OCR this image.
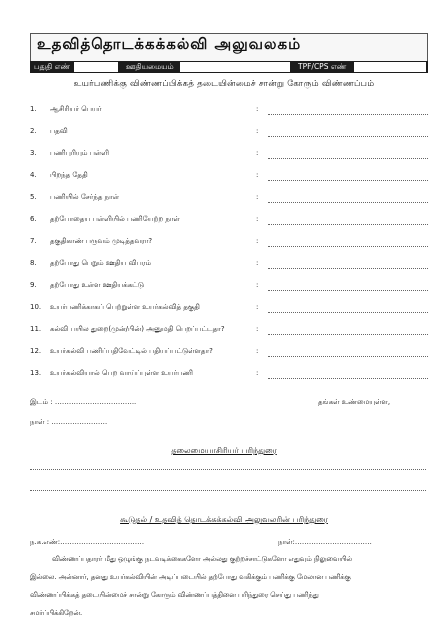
உதவித்தொடக்கக்கல்வி அலுவலகம்
பதுதி எண்	ஊதியமையம்	TPF/CPS எண்
உயர்பணிக்கு விண்ணப்பிக்கத் தடையின்மைச் சான்று கோரும் விண்ணப்பம்
1. ஆசிரியர் பெயர்	:
2. பதவி	:
3. பணிபுரியும் பள்ளி	:
4. பிறந்த தேதி	:
5. பணியில் சேர்ந்த நாள்	:
6. தற்போதைய பள்ளியில் பணியேற்ற நாள்	:
7. தகுதிகாண் பருவம் முடித்தவரா?	:
8. தற்போது பெறும் ஊதிய விபரம்	:
9. தற்போது உள்ள ஊதியக்கட்டு	:
10. உயர்பணிக்காகப் பெற்றுள்ள உயர்கல்வித் தகுதி	:
11. கல்வி பயில துறை(முன்/பின்) அனுமதி பெறப்பட்டதா?	:
12. உயர்கல்வி பணிப்பதிவேட்டில் பதியப்பட்டுள்ளதா?	:
13. உயர்கல்வியால் பெற வாய்ப்புள்ள உயர்பணி	:
இடம் : ……………………………..
நாள் : ……………………
தங்கள் உண்மையுள்ள,
தலைமையாசிரியர் பரிந்துரை
கூடுதல் / உதவித் தொடக்கக்கல்வி அலுவலரின் பரிந்துரை
ந.க.எண்:………………………………	நாள்:……………………………
விண்ணப்பதாரர் மீது ஒழுங்கு நடவடிக்கைகளோ அல்லது குற்றச்சாட்டுகளோ எதுவும் நிலுவையில்
இல்லை. அன்னார், தனது உயர்கல்வியின் அடிப்படையில் தற்போது வகிக்கும் பணிக்கு மேலான பணிக்கு
விண்ணப்பிக்கத் தடையின்மைச் சான்று கோரும் விண்ணப்பத்தினை பரிந்துரை செய்து பணிந்து
சமர்ப்பிக்கிறேன்.
